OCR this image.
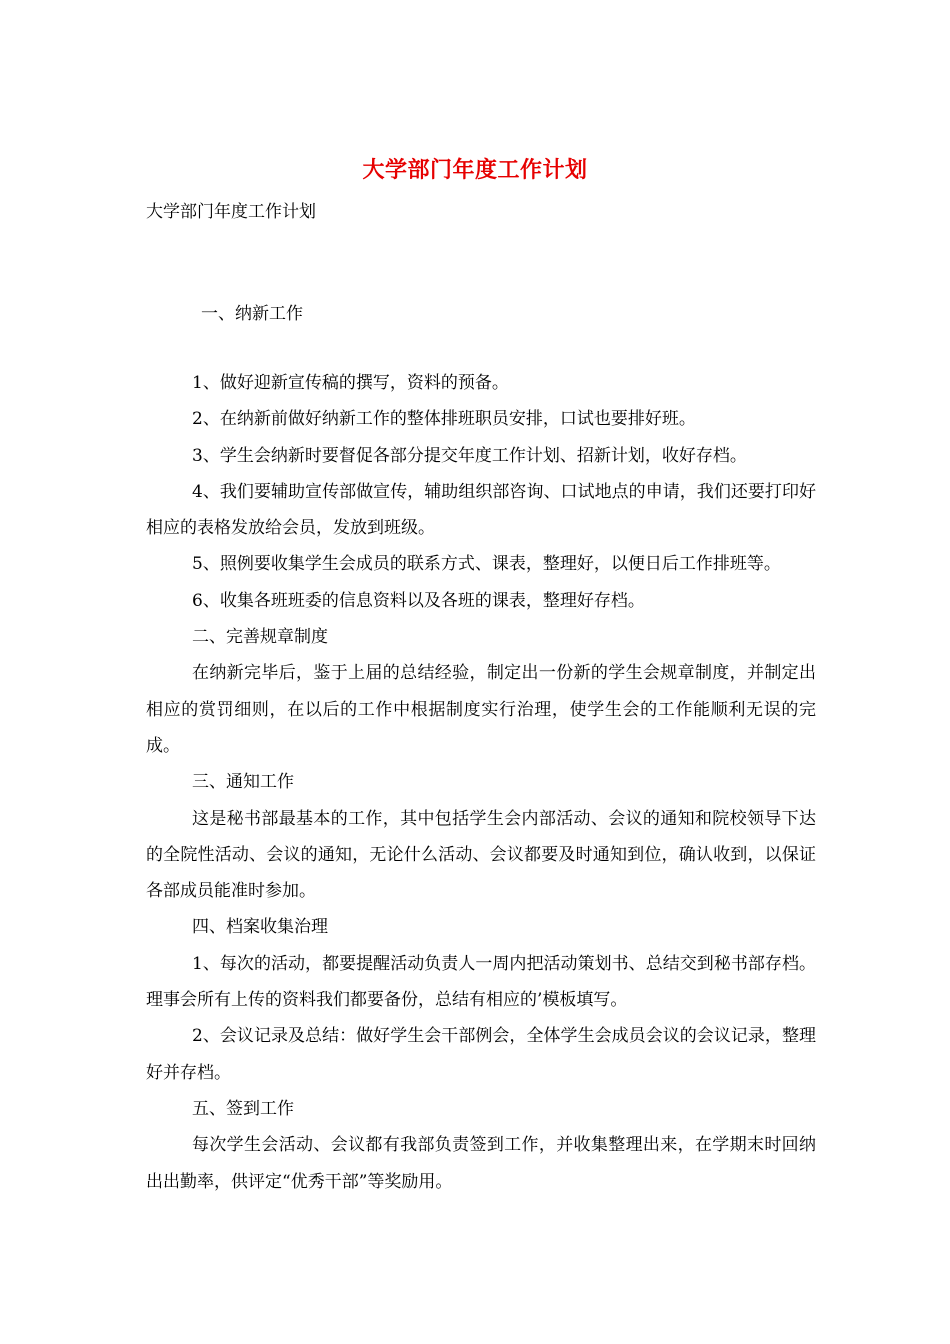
大学部门年度工作计划
大学部门年度工作计划
一、纳新工作

1、做好迎新宣传稿的撰写，资料的预备。

2、在纳新前做好纳新工作的整体排班职员安排，口试也要排好班。

3、学生会纳新时要督促各部分提交年度工作计划、招新计划，收好存档。

4、我们要辅助宣传部做宣传，辅助组织部咨询、口试地点的申请，我们还要打印好相应的表格发放给会员，发放到班级。

5、照例要收集学生会成员的联系方式、课表，整理好，以便日后工作排班等。

6、收集各班班委的信息资料以及各班的课表，整理好存档。

二、完善规章制度

在纳新完毕后，鉴于上届的总结经验，制定出一份新的学生会规章制度，并制定出相应的赏罚细则，在以后的工作中根据制度实行治理，使学生会的工作能顺利无误的完成。

三、通知工作

这是秘书部最基本的工作，其中包括学生会内部活动、会议的通知和院校领导下达的全院性活动、会议的通知，无论什么活动、会议都要及时通知到位，确认收到，以保证各部成员能准时参加。

四、档案收集治理

1、每次的活动，都要提醒活动负责人一周内把活动策划书、总结交到秘书部存档。理事会所有上传的资料我们都要备份，总结有相应的’模板填写。

2、会议记录及总结：做好学生会干部例会，全体学生会成员会议的会议记录，整理好并存档。

五、签到工作

每次学生会活动、会议都有我部负责签到工作，并收集整理出来，在学期末时回纳出出勤率，供评定“优秀干部”等奖励用。
